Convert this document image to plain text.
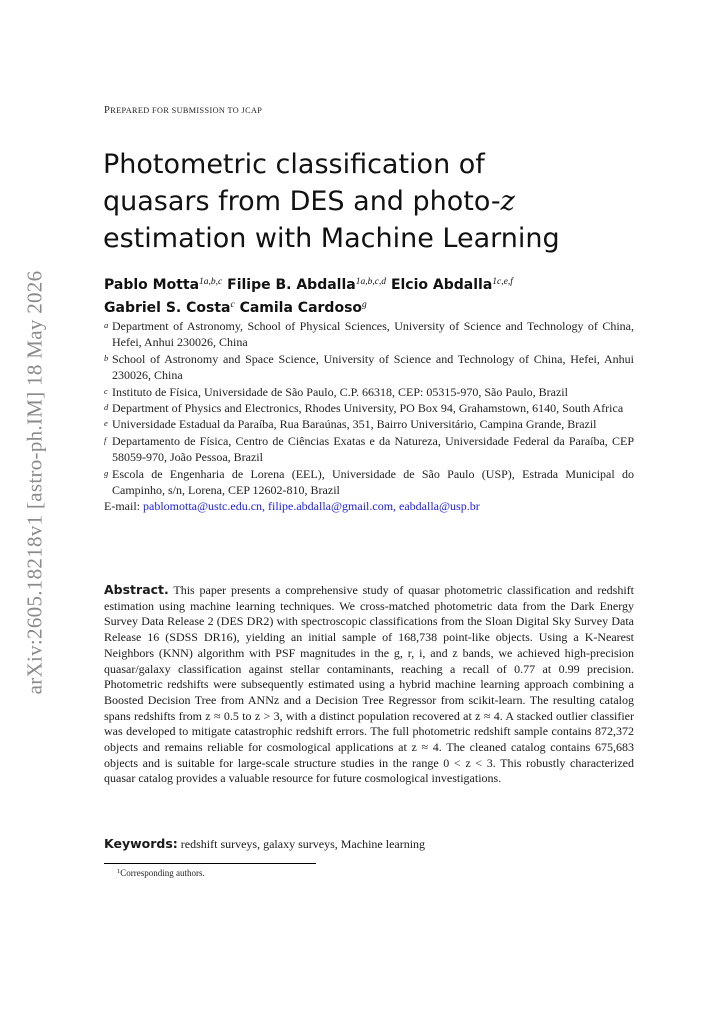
arXiv:2605.18218v1 [astro-ph.IM] 18 May 2026
PREPARED FOR SUBMISSION TO JCAP
Photometric classification of
quasars from DES and photo-z
estimation with Machine Learning
Pablo Motta$^{1a,b,c}$ Filipe B. Abdalla$^{1a,b,c,d}$ Elcio Abdalla$^{1c,e,f}$
Gabriel S. Costa$^c$ Camila Cardoso$^g$
a Department of Astronomy, School of Physical Sciences, University of Science and Technology of China, Hefei, Anhui 230026, China
b School of Astronomy and Space Science, University of Science and Technology of China, Hefei, Anhui 230026, China
c Instituto de Física, Universidade de São Paulo, C.P. 66318, CEP: 05315-970, São Paulo, Brazil
d Department of Physics and Electronics, Rhodes University, PO Box 94, Grahamstown, 6140, South Africa
e Universidade Estadual da Paraíba, Rua Baraúnas, 351, Bairro Universitário, Campina Grande, Brazil
f Departamento de Física, Centro de Ciências Exatas e da Natureza, Universidade Federal da Paraíba, CEP 58059-970, João Pessoa, Brazil
g Escola de Engenharia de Lorena (EEL), Universidade de São Paulo (USP), Estrada Municipal do Campinho, s/n, Lorena, CEP 12602-810, Brazil
E-mail: pablomotta@ustc.edu.cn, filipe.abdalla@gmail.com, eabdalla@usp.br
Abstract. This paper presents a comprehensive study of quasar photometric classification and redshift estimation using machine learning techniques. We cross-matched photometric data from the Dark Energy Survey Data Release 2 (DES DR2) with spectroscopic classifications from the Sloan Digital Sky Survey Data Release 16 (SDSS DR16), yielding an initial sample of 168,738 point-like objects. Using a K-Nearest Neighbors (KNN) algorithm with PSF magnitudes in the g, r, i, and z bands, we achieved high-precision quasar/galaxy classification against stellar contaminants, reaching a recall of 0.77 at 0.99 precision. Photometric redshifts were subsequently estimated using a hybrid machine learning approach combining a Boosted Decision Tree from ANNz and a Decision Tree Regressor from scikit-learn. The resulting catalog spans redshifts from z ≈ 0.5 to z > 3, with a distinct population recovered at z ≈ 4. A stacked outlier classifier was developed to mitigate catastrophic redshift errors. The full photometric redshift sample contains 872,372 objects and remains reliable for cosmological applications at z ≈ 4. The cleaned catalog contains 675,683 objects and is suitable for large-scale structure studies in the range 0 < z < 3. This robustly characterized quasar catalog provides a valuable resource for future cosmological investigations.
Keywords: redshift surveys, galaxy surveys, Machine learning
$^1$Corresponding authors.
